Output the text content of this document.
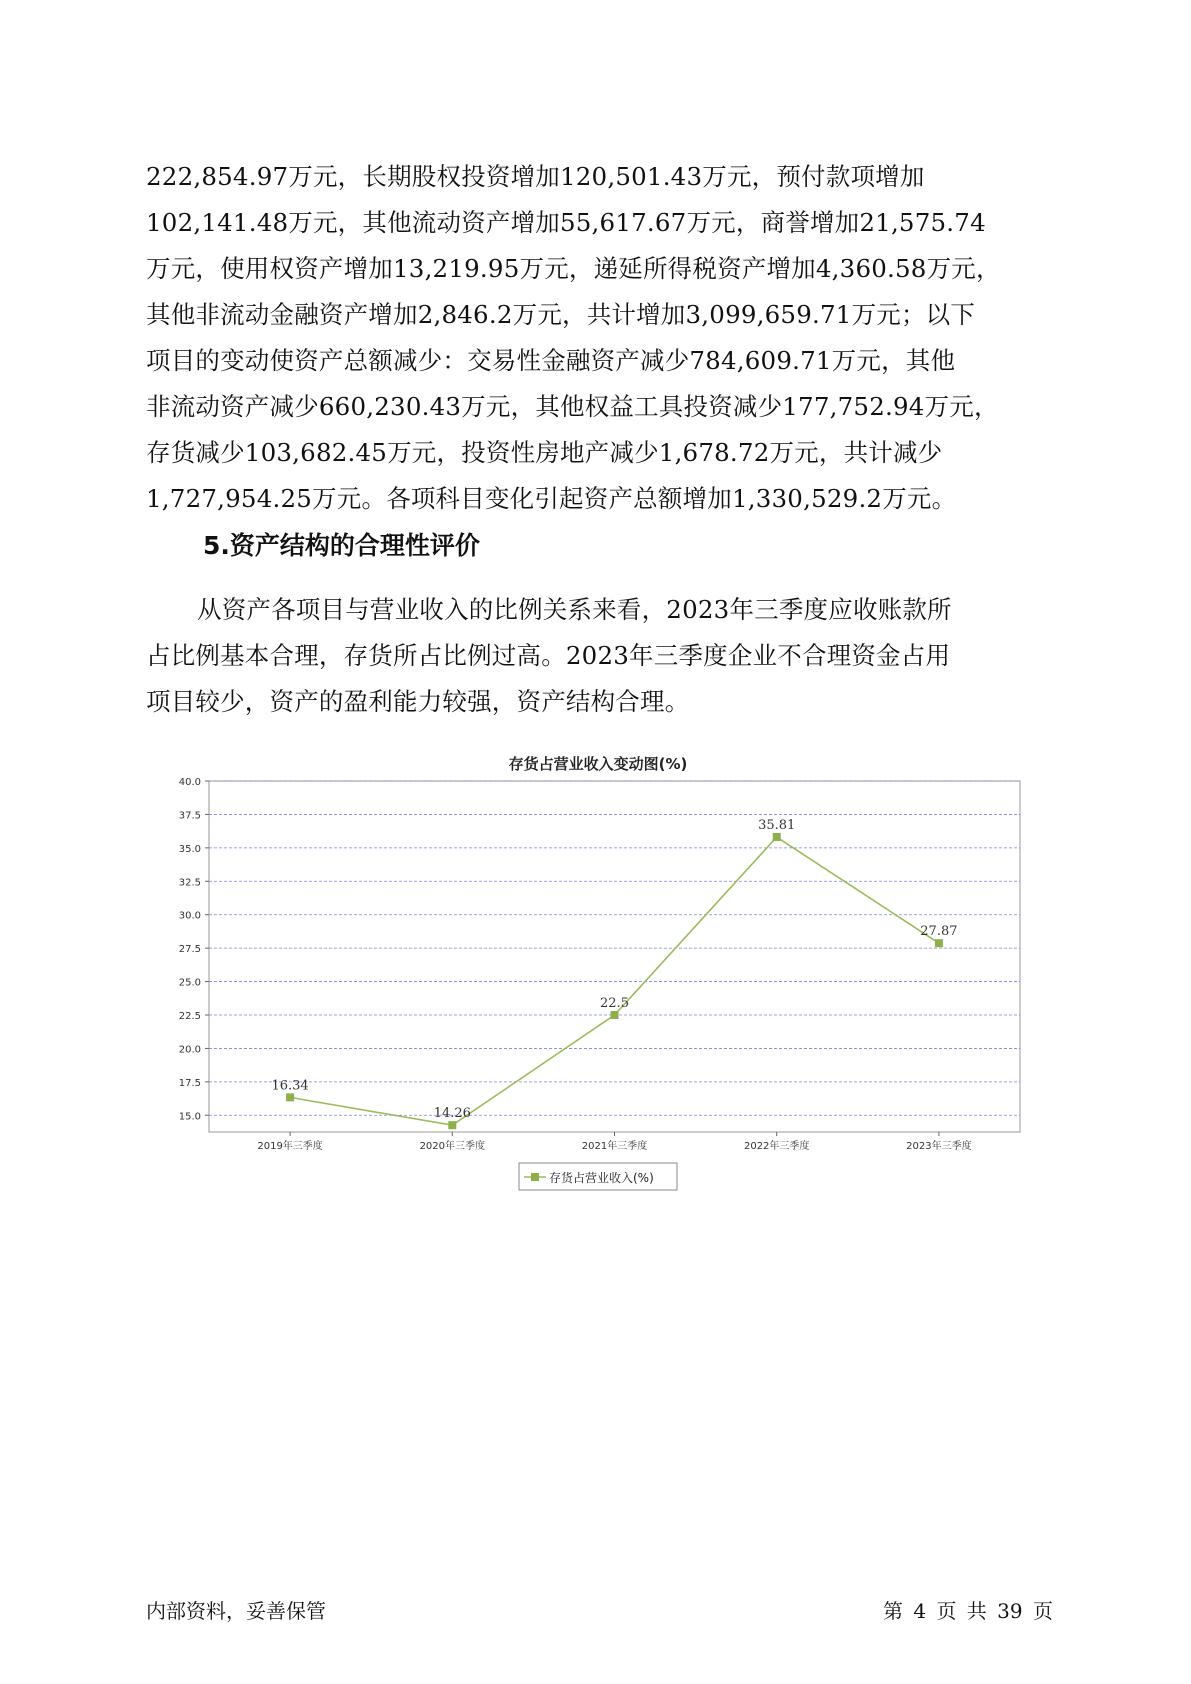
222,854.97万元，长期股权投资增加120,501.43万元，预付款项增加
102,141.48万元，其他流动资产增加55,617.67万元，商誉增加21,575.74
万元，使用权资产增加13,219.95万元，递延所得税资产增加4,360.58万元，
其他非流动金融资产增加2,846.2万元，共计增加3,099,659.71万元；以下
项目的变动使资产总额减少：交易性金融资产减少784,609.71万元，其他
非流动资产减少660,230.43万元，其他权益工具投资减少177,752.94万元，
存货减少103,682.45万元，投资性房地产减少1,678.72万元，共计减少
1,727,954.25万元。各项科目变化引起资产总额增加1,330,529.2万元。
5.资产结构的合理性评价
从资产各项目与营业收入的比例关系来看，2023年三季度应收账款所
占比例基本合理，存货所占比例过高。2023年三季度企业不合理资金占用
项目较少，资产的盈利能力较强，资产结构合理。
存货占营业收入变动图(%)
15.0
17.5
20.0
22.5
25.0
27.5
30.0
32.5
35.0
37.5
40.0
2019年三季度	2020年三季度	2021年三季度	2022年三季度	2023年三季度
16.34
14.26
22.5
35.81
27.87
存货占营业收入(%)
内部资料，妥善保管	第 4 页 共 39 页
